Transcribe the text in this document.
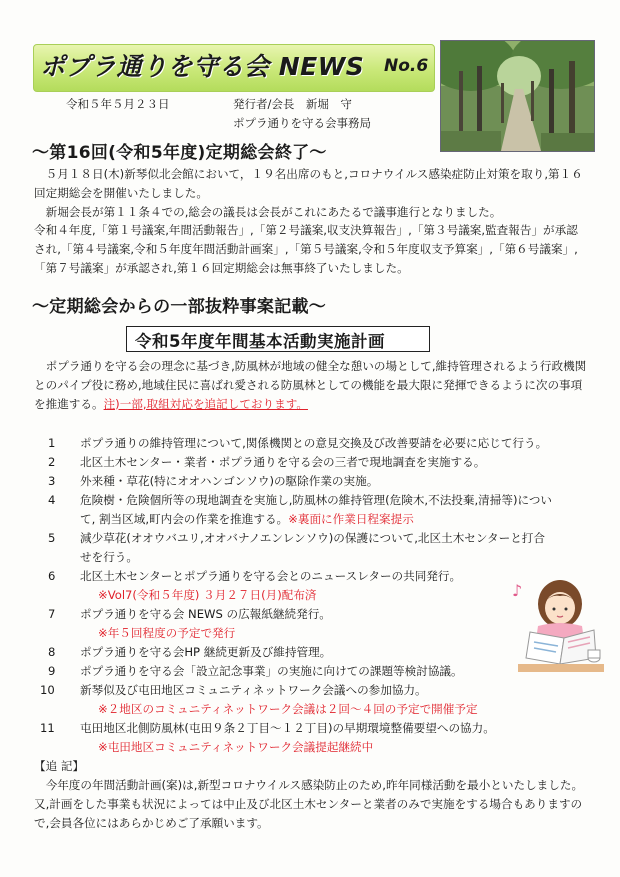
ポプラ通りを守る会 NEWS No.6
令和５年５月２３日	発行者/会長　新堀　守
ポプラ通りを守る会事務局
～第16回(令和5年度)定期総会終了～

　５月１８日(木)新琴似北会館において，１９名出席のもと,コロナウイルス感染症防止対策を取り,第１６回定期総会を開催いたしました。

　新堀会長が第１１条４での,総会の議長は会長がこれにあたるで議事進行となりました。

令和４年度,「第１号議案,年間活動報告」,「第２号議案,収支決算報告」,「第３号議案,監査報告」が承認され,「第４号議案,令和５年度年間活動計画案」,「第５号議案,令和５年度収支予算案」,「第６号議案」,「第７号議案」が承認され,第１６回定期総会は無事終了いたしました。

～定期総会からの一部抜粋事案記載～
令和5年度年間基本活動実施計画
　ポプラ通りを守る会の理念に基づき,防風林が地域の健全な憩いの場として,維持管理されるよう行政機関とのパイプ役に務め,地域住民に喜ばれ愛される防風林としての機能を最大限に発揮できるように次の事項を推進する。注)一部,取組対応を追記しております。
1 ポプラ通りの維持管理について,関係機関との意見交換及び改善要請を必要に応じて行う。
2 北区土木センター・業者・ポプラ通りを守る会の三者で現地調査を実施する。
3 外来種・草花(特にオオハンゴンソウ)の駆除作業の実施。
4 危険樹・危険個所等の現地調査を実施し,防風林の維持管理(危険木,不法投棄,清掃等)につい
て, 割当区域,町内会の作業を推進する。※裏面に作業日程案提示
5 減少草花(オオウバユリ,オオバナノエンレンソウ)の保護について,北区土木センターと打合
せを行う。
6 北区土木センターとポプラ通りを守る会とのニュースレターの共同発行。
※Vol7(令和５年度) ３月２７日(月)配布済
7 ポプラ通りを守る会 NEWS の広報紙継続発行。
※年５回程度の予定で発行
8 ポプラ通りを守る会HP 継続更新及び維持管理。
9 ポプラ通りを守る会「設立記念事業」の実施に向けての課題等検討協議。
10 新琴似及び屯田地区コミュニティネットワーク会議への参加協力。
※２地区のコミュニティネットワーク会議は２回～４回の予定で開催予定
11 屯田地区北側防風林(屯田９条２丁目～１２丁目)の早期環境整備要望への協力。
※屯田地区コミュニティネットワーク会議提起継続中
【追 記】
　今年度の年間活動計画(案)は,新型コロナウイルス感染防止のため,昨年同様活動を最小といたしました。又,計画をした事業も状況によっては中止及び北区土木センターと業者のみで実施をする場合もありますので,会員各位にはあらかじめご了承願います。
♪
